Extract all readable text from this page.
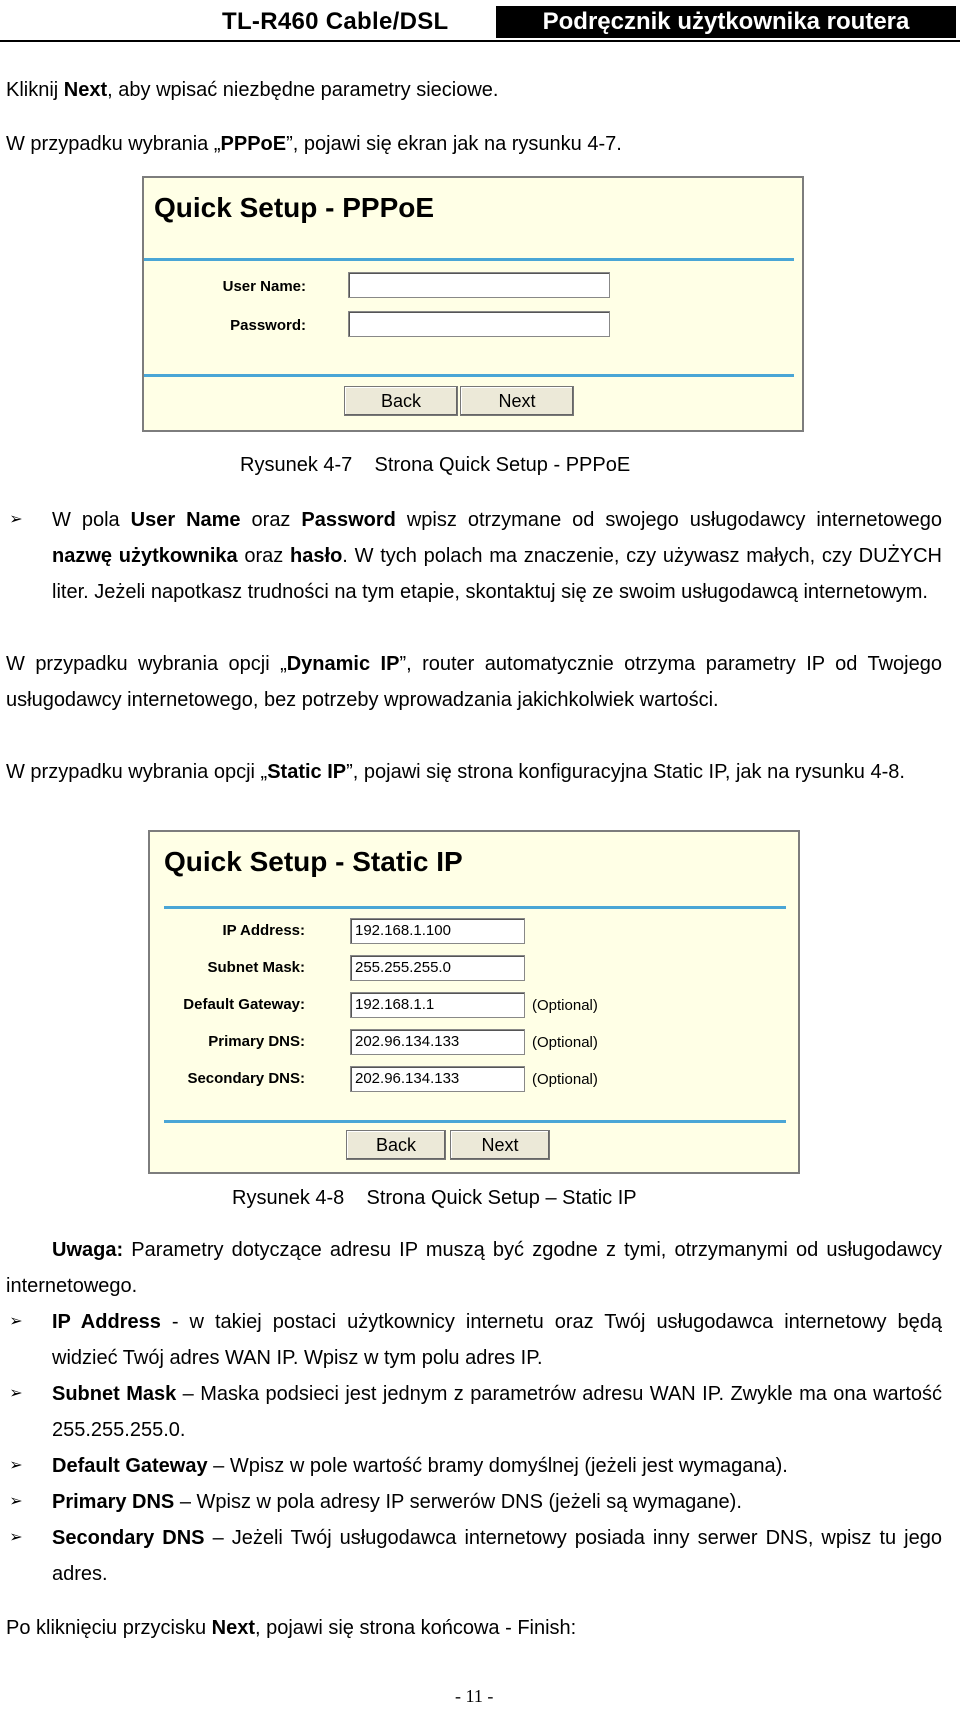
TL-R460 Cable/DSL	Podręcznik użytkownika routera
Kliknij Next, aby wpisać niezbędne parametry sieciowe.
W przypadku wybrania „PPPoE”, pojawi się ekran jak na rysunku 4-7.
Quick Setup - PPPoE
User Name:
Password:
Back	Next
Rysunek 4-7    Strona Quick Setup - PPPoE
➢ W pola User Name oraz Password wpisz otrzymane od swojego usługodawcy internetowego nazwę użytkownika oraz hasło. W tych polach ma znaczenie, czy używasz małych, czy DUŻYCH liter. Jeżeli napotkasz trudności na tym etapie, skontaktuj się ze swoim usługodawcą internetowym.
W przypadku wybrania opcji „Dynamic IP”, router automatycznie otrzyma parametry IP od Twojego usługodawcy internetowego, bez potrzeby wprowadzania jakichkolwiek wartości.
W przypadku wybrania opcji „Static IP”, pojawi się strona konfiguracyjna Static IP, jak na rysunku 4-8.
Quick Setup - Static IP
IP Address:	192.168.1.100
Subnet Mask:	255.255.255.0
Default Gateway:	192.168.1.1	(Optional)
Primary DNS:	202.96.134.133	(Optional)
Secondary DNS:	202.96.134.133	(Optional)
Back	Next
Rysunek 4-8    Strona Quick Setup – Static IP
Uwaga: Parametry dotyczące adresu IP muszą być zgodne z tymi, otrzymanymi od usługodawcy internetowego.
➢ IP Address - w takiej postaci użytkownicy internetu oraz Twój usługodawca internetowy będą widzieć Twój adres WAN IP. Wpisz w tym polu adres IP.
➢ Subnet Mask – Maska podsieci jest jednym z parametrów adresu WAN IP. Zwykle ma ona wartość 255.255.255.0.
➢ Default Gateway – Wpisz w pole wartość bramy domyślnej (jeżeli jest wymagana).
➢ Primary DNS – Wpisz w pola adresy IP serwerów DNS (jeżeli są wymagane).
➢ Secondary DNS – Jeżeli Twój usługodawca internetowy posiada inny serwer DNS, wpisz tu jego adres.
Po kliknięciu przycisku Next, pojawi się strona końcowa - Finish:
- 11 -
